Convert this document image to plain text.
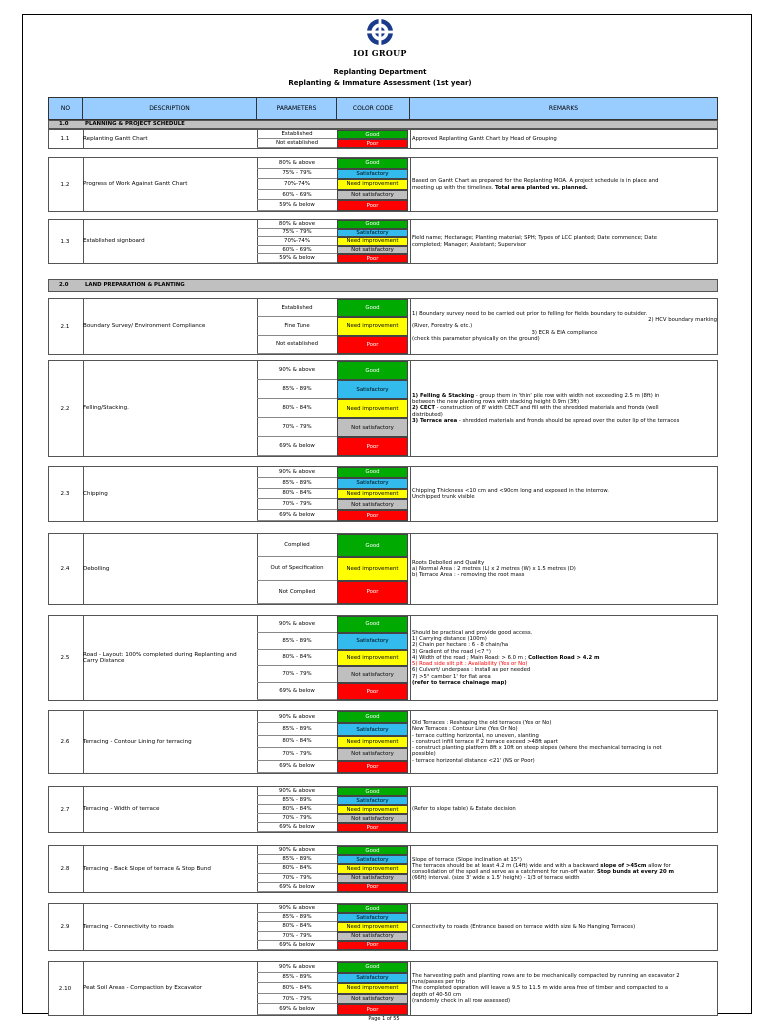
IOI GROUP
Replanting Department
Replanting & Immature Assessment (1st year)
NO	DESCRIPTION	PARAMETERS	COLOR CODE	REMARKS
1.0	PLANNING & PROJECT SCHEDULE
1.1	Replanting Gantt Chart
Established	Good
Not established	Poor
Approved Replanting Gantt Chart by Head of Grouping
1.2	Progress of Work Against Gantt Chart
80% & above	Good
75% - 79%	Satisfactory
70%-74%	Need improvement
60% - 69%	Not satisfactory
59% & below	Poor
Based on Gantt Chart as prepared for the Replanting MOA. A project schedule is in place and
meeting up with the timelines. Total area planted vs. planned.
1.3	Established signboard
80% & above	Good
75% - 79%	Satisfactory
70%-74%	Need improvement
60% - 69%	Not satisfactory
59% & below	Poor
Field name; Hectarage; Planting material; SPH; Types of LCC planted; Date commence; Date
completed; Manager; Assistant; Supervisor
2.0	LAND PREPARATION & PLANTING
2.1	Boundary Survey/ Environment Compliance
Established	Good
Fine Tune	Need improvement
Not established	Poor
1) Boundary survey need to be carried out prior to felling for fields boundary to outsider.
2) HCV boundary marking
(River, Forestry & etc.)
3) ECR & EIA compliance
(check this parameter physically on the ground)
2.2	Felling/Stacking.
90% & above	Good
85% - 89%	Satisfactory
80% - 84%	Need improvement
70% - 79%	Not satisfactory
69% & below	Poor
1) Felling & Stacking - group them in 'thin' pile row with width not exceeding 2.5 m (8ft) in
between the new planting rows with stacking height 0.9m (3ft)
2) CECT - construction of 8' width CECT and fill with the shredded materials and fronds (well
distributed)
3) Terrace area - shredded materials and fronds should be spread over the outer lip of the terraces
2.3	Chipping
90% & above	Good
85% - 89%	Satisfactory
80% - 84%	Need improvement
70% - 79%	Not satisfactory
69% & below	Poor
Chipping Thickness <10 cm and <90cm long and exposed in the interrow.
Unchipped trunk visible
2.4	Debolling
Complied	Good
Out of Specification	Need improvement
Not Complied	Poor
Roots Debolled and Quality
a) Normal Area : 2 metres (L) x 2 metres (W) x 1.5 metres (D)
b) Terrace Area : - removing the root mass
2.5
Road - Layout: 100% completed during Replanting and Carry Distance
90% & above	Good
85% - 89%	Satisfactory
80% - 84%	Need improvement
70% - 79%	Not satisfactory
69% & below	Poor
Should be practical and provide good access.
1) Carrying distance (100m)
2) Chain per hectare : 6 - 8 chain/ha
3) Gradient of the road (<7 °)
4) Width of the road ; Main Road: > 6.0 m ; Collection Road > 4.2 m
5) Road side silt pit : Availability (Yes or No)
6) Culvert/ underpass : Install as per needed
7) >5° camber 1' for flat area
(refer to terrace chainage map)
2.6	Terracing - Contour Lining for terracing
90% & above	Good
85% - 89%	Satisfactory
80% - 84%	Need improvement
70% - 79%	Not satisfactory
69% & below	Poor
Old Terraces : Reshaping the old terraces (Yes or No)
New Terraces : Contour Line (Yes Or No)
- terrace cutting horizontal, no uneven, slanting
- construct infill terrace if 2 terrace exceed >48ft apart
- construct planting platform 8ft x 10ft on steep slopes (where the mechanical terracing is not
possible)
- terrace horizontal distance <21' (NS or Poor)
2.7	Terracing - Width of terrace
90% & above	Good
85% - 89%	Satisfactory
80% - 84%	Need improvement
70% - 79%	Not satisfactory
69% & below	Poor
(Refer to slope table) & Estate decision
2.8	Terracing - Back Slope of terrace & Stop Bund
90% & above	Good
85% - 89%	Satisfactory
80% - 84%	Need improvement
70% - 79%	Not satisfactory
69% & below	Poor
Slope of terrace (Slope inclination at 15°)
The terraces should be at least 4.2 m (14ft) wide and with a backward slope of >45cm allow for
consolidation of the spoil and serve as a catchment for run-off water. Stop bunds at every 20 m
(66ft) interval. (size 3' wide x 1.5' height) - 1/3 of terrace width
2.9	Terracing - Connectivity to roads
90% & above	Good
85% - 89%	Satisfactory
80% - 84%	Need improvement
70% - 79%	Not satisfactory
69% & below	Poor
Connectivity to roads (Entrance based on terrace width size & No Hanging Terraces)
2.10	Peat Soil Areas - Compaction by Excavator
90% & above	Good
85% - 89%	Satisfactory
80% - 84%	Need improvement
70% - 79%	Not satisfactory
69% & below	Poor
The harvesting path and planting rows are to be mechanically compacted by running an excavator 2
runs/passes per trip
The completed operation will leave a 9.5 to 11.5 m wide area free of timber and compacted to a
depth of 40-50 cm
(randomly check in all row assessed)
Page 1 of 55
